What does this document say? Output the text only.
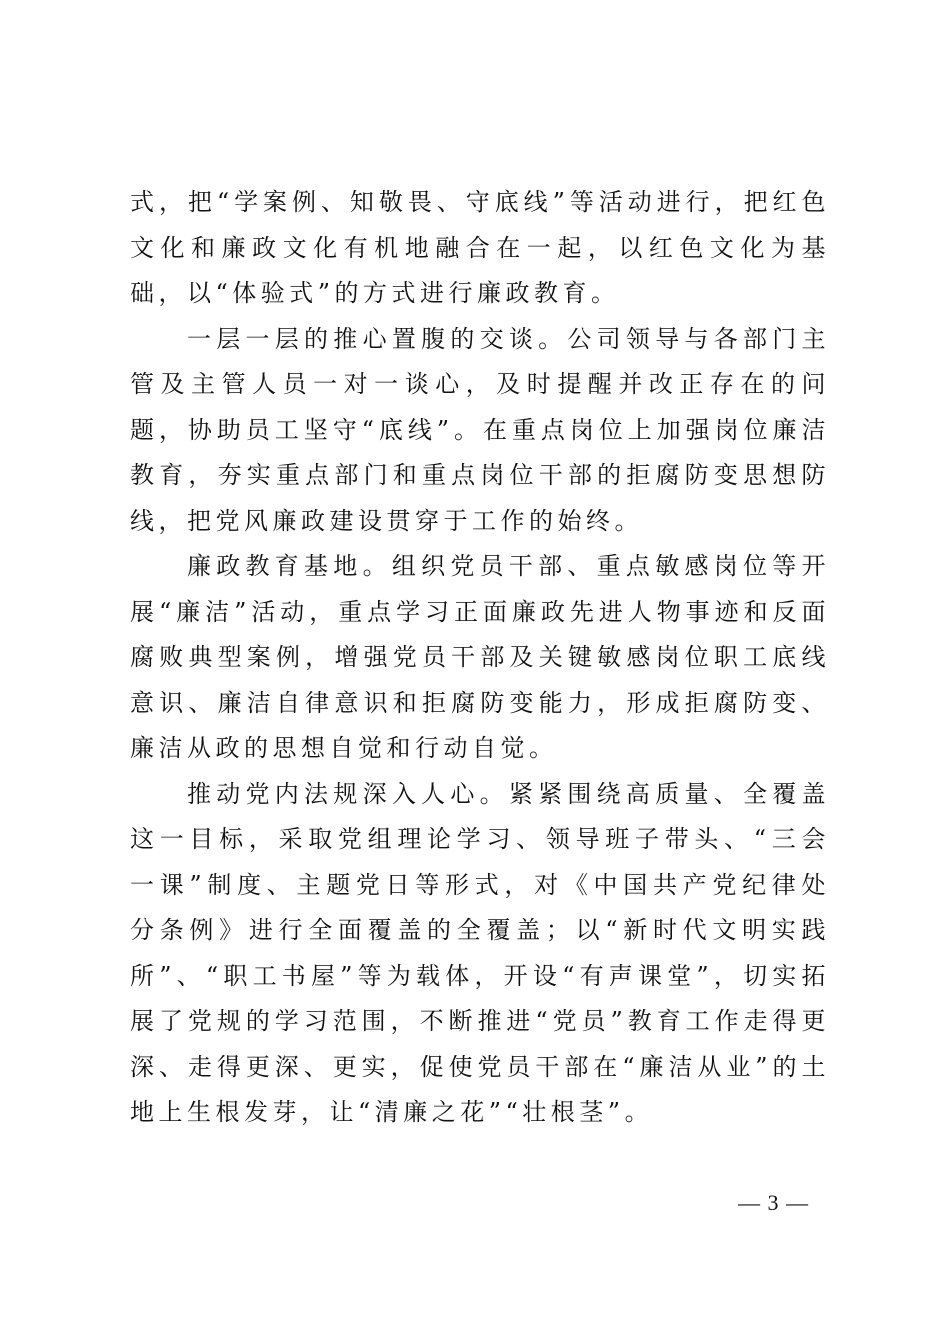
式，把“学案例、知敬畏、守底线”等活动进行，把红色文化和廉政文化有机地融合在一起，以红色文化为基础，以“体验式”的方式进行廉政教育。

一层一层的推心置腹的交谈。公司领导与各部门主管及主管人员一对一谈心，及时提醒并改正存在的问题，协助员工坚守“底线”。在重点岗位上加强岗位廉洁教育，夯实重点部门和重点岗位干部的拒腐防变思想防线，把党风廉政建设贯穿于工作的始终。

廉政教育基地。组织党员干部、重点敏感岗位等开展“廉洁”活动，重点学习正面廉政先进人物事迹和反面腐败典型案例，增强党员干部及关键敏感岗位职工底线意识、廉洁自律意识和拒腐防变能力，形成拒腐防变、廉洁从政的思想自觉和行动自觉。

推动党内法规深入人心。紧紧围绕高质量、全覆盖这一目标，采取党组理论学习、领导班子带头、“三会一课”制度、主题党日等形式，对《中国共产党纪律处分条例》进行全面覆盖的全覆盖；以“新时代文明实践所”、“职工书屋”等为载体，开设“有声课堂”，切实拓展了党规的学习范围，不断推进“党员”教育工作走得更深、走得更深、更实，促使党员干部在“廉洁从业”的土地上生根发芽，让“清廉之花”“壮根茎”。

— 3 —
